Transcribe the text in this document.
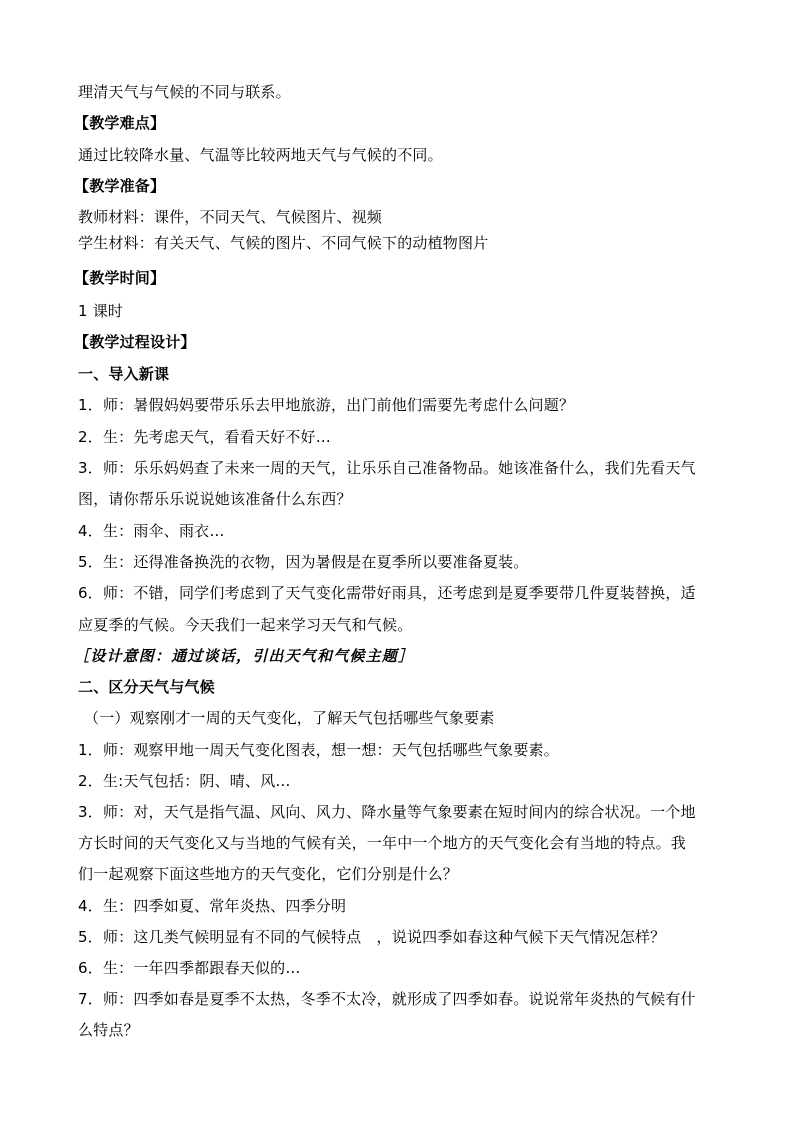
理清天气与气候的不同与联系。
【教学难点】
通过比较降水量、气温等比较两地天气与气候的不同。
【教学准备】
教师材料：课件，不同天气、气候图片、视频
学生材料：有关天气、气候的图片、不同气候下的动植物图片
【教学时间】
1 课时
【教学过程设计】
一、导入新课
1．师：暑假妈妈要带乐乐去甲地旅游，出门前他们需要先考虑什么问题？
2．生：先考虑天气，看看天好不好…
3．师：乐乐妈妈查了未来一周的天气，让乐乐自己准备物品。她该准备什么，我们先看天气
图，请你帮乐乐说说她该准备什么东西？
4．生：雨伞、雨衣…
5．生：还得准备换洗的衣物，因为暑假是在夏季所以要准备夏装。
6．师：不错，同学们考虑到了天气变化需带好雨具，还考虑到是夏季要带几件夏装替换，适
应夏季的气候。今天我们一起来学习天气和气候。
［设计意图：通过谈话，引出天气和气候主题］
二、区分天气与气候
（一）观察刚才一周的天气变化，了解天气包括哪些气象要素
1．师：观察甲地一周天气变化图表，想一想：天气包括哪些气象要素。
2．生:天气包括：阴、晴、风…
3．师：对，天气是指气温、风向、风力、降水量等气象要素在短时间内的综合状况。一个地
方长时间的天气变化又与当地的气候有关，一年中一个地方的天气变化会有当地的特点。我
们一起观察下面这些地方的天气变化，它们分别是什么？
4．生：四季如夏、常年炎热、四季分明
5．师：这几类气候明显有不同的气候特点　，说说四季如春这种气候下天气情况怎样？
6．生：一年四季都跟春天似的…
7．师：四季如春是夏季不太热，冬季不太冷，就形成了四季如春。说说常年炎热的气候有什
么特点？
